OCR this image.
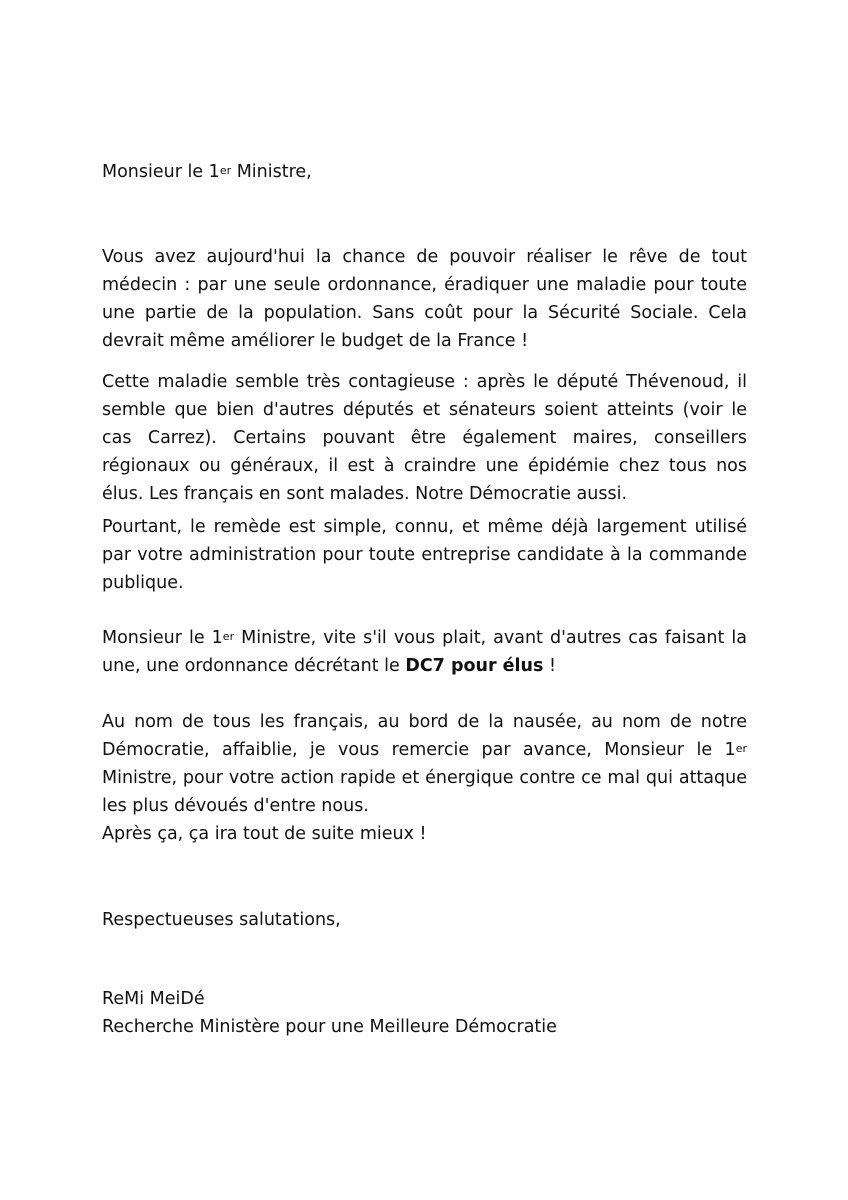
Monsieur le 1er Ministre,

Vous avez aujourd'hui la chance de pouvoir réaliser le rêve de tout médecin : par une seule ordonnance, éradiquer une maladie pour toute une partie de la population. Sans coût pour la Sécurité Sociale. Cela devrait même améliorer le budget de la France !

Cette maladie semble très contagieuse : après le député Thévenoud, il semble que bien d'autres députés et sénateurs soient atteints (voir le cas Carrez). Certains pouvant être également maires, conseillers régionaux ou généraux, il est à craindre une épidémie chez tous nos élus. Les français en sont malades. Notre Démocratie aussi.

Pourtant, le remède est simple, connu, et même déjà largement utilisé par votre administration pour toute entreprise candidate à la commande publique.

Monsieur le 1er Ministre, vite s'il vous plait, avant d'autres cas faisant la une, une ordonnance décrétant le DC7 pour élus !

Au nom de tous les français, au bord de la nausée, au nom de notre Démocratie, affaiblie, je vous remercie par avance, Monsieur le 1er Ministre, pour votre action rapide et énergique contre ce mal qui attaque les plus dévoués d'entre nous.
Après ça, ça ira tout de suite mieux !

Respectueuses salutations,

ReMi MeiDé

Recherche Ministère pour une Meilleure Démocratie
